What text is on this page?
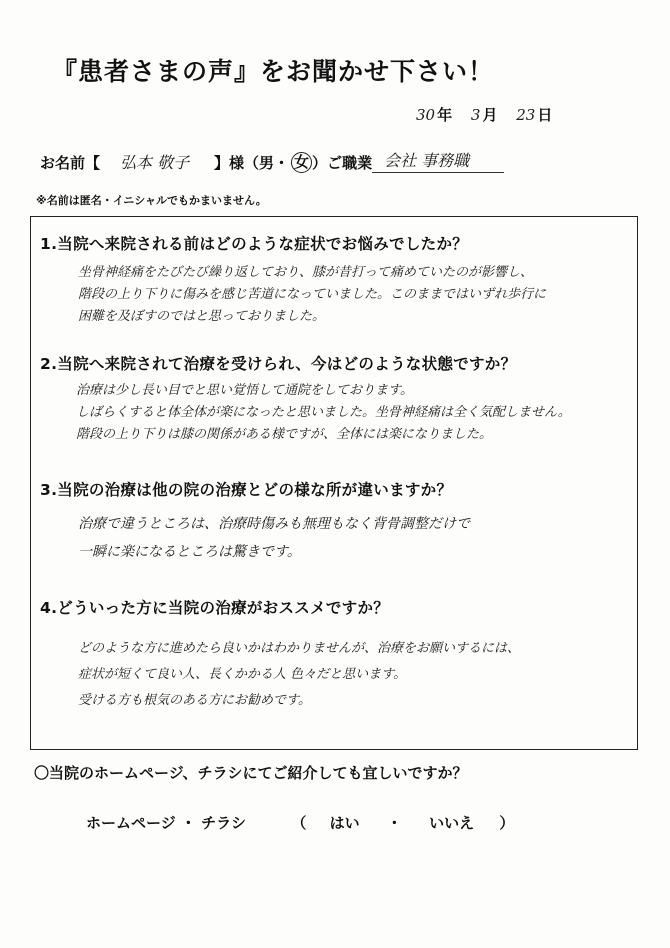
『患者さまの声』をお聞かせ下さい！
30 年 3 月 23 日
お名前【	弘本 敬子	】様 （男・ 女 ） ご職業 会社 事務職
※名前は匿名・イニシャルでもかまいません。
1.当院へ来院される前はどのような症状でお悩みでしたか？
坐骨神経痛をたびたび繰り返しており、膝が昔打って痛めていたのが影響し、
階段の上り下りに傷みを感じ苦道になっていました。このままではいずれ歩行に
困難を及ぼすのではと思っておりました。
2.当院へ来院されて治療を受けられ、今はどのような状態ですか？
治療は少し長い目でと思い覚悟して通院をしております。
しばらくすると体全体が楽になったと思いました。坐骨神経痛は全く気配しません。
階段の上り下りは膝の関係がある様ですが、全体には楽になりました。
3.当院の治療は他の院の治療とどの様な所が違いますか？
治療で違うところは、治療時傷みも無理もなく背骨調整だけで
一瞬に楽になるところは驚きです。
4.どういった方に当院の治療がおススメですか？
どのような方に進めたら良いかはわかりませんが、治療をお願いするには、
症状が短くて良い人、長くかかる人 色々だと思います。
受ける方も根気のある方にお勧めです。
〇当院のホームページ、チラシにてご紹介しても宜しいですか？
ホームページ ・ チラシ	（ はい ・ いいえ ）
